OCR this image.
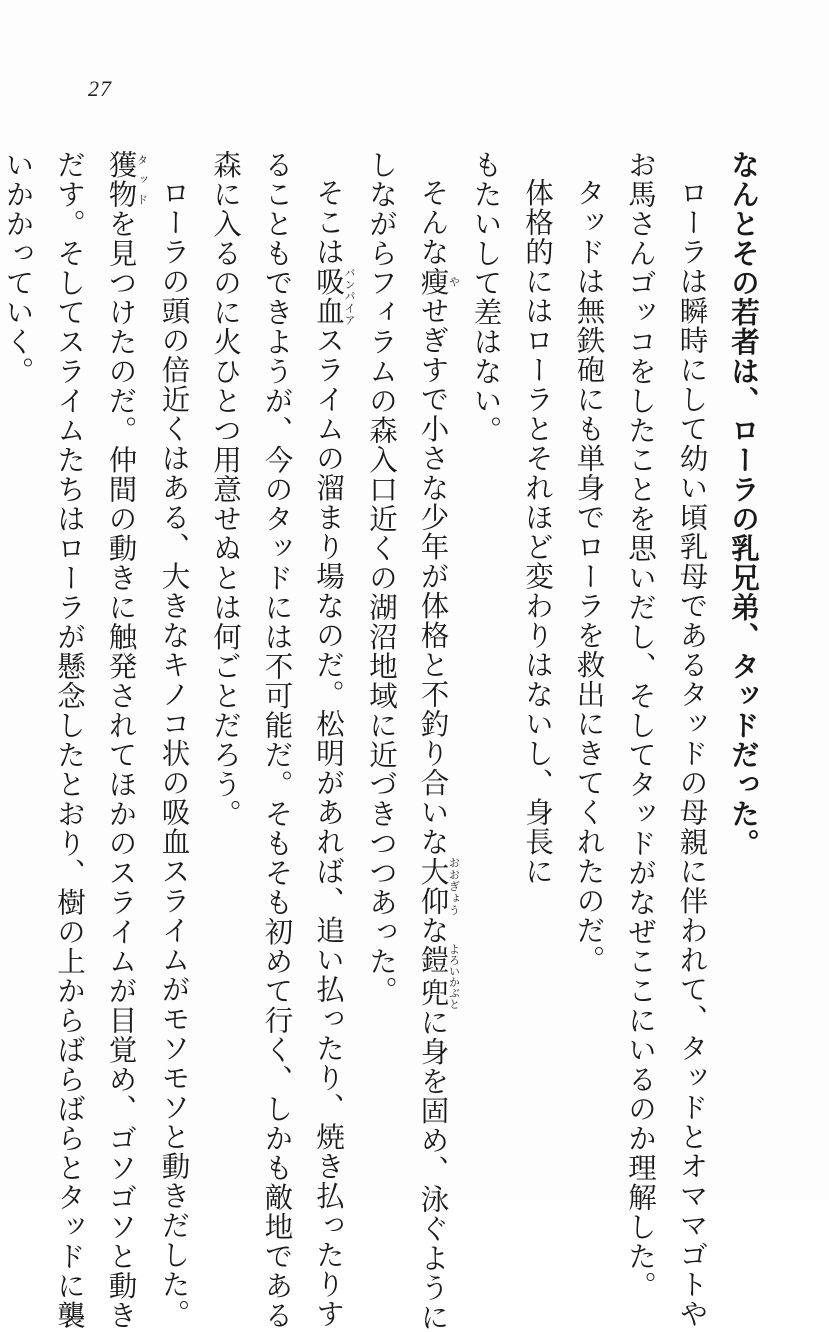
27
なんとその若者は、ローラの乳兄弟、タッドだった。
ローラは瞬時にして幼い頃乳母であるタッドの母親に伴われて、タッドとオママゴトや
お馬さんゴッコをしたことを思いだし、そしてタッドがなぜここにいるのか理解した。
タッドは無鉄砲にも単身でローラを救出にきてくれたのだ。
体格的にはローラとそれほど変わりはないし、身長に
もたいして差はない。
そんな瘦やせぎすで小さな少年が体格と不釣り合いな大仰おおぎょうな鎧兜よろいかぶとに身を固め、泳ぐように
しながらフィラムの森入口近くの湖沼地域に近づきつつあった。
そこは吸血バンパイアスライムの溜まり場なのだ。松明があれば、追い払ったり、焼き払ったりす
ることもできようが、今のタッドには不可能だ。そもそも初めて行く、しかも敵地である
森に入るのに火ひとつ用意せぬとは何ごとだろう。
ローラの頭の倍近くはある、大きなキノコ状の吸血スライムがモソモソと動きだした。
獲物タッドを見つけたのだ。仲間の動きに触発されてほかのスライムが目覚め、ゴソゴソと動き
だす。そしてスライムたちはローラが懸念したとおり、樹の上からばらばらとタッドに襲
いかかっていく。
